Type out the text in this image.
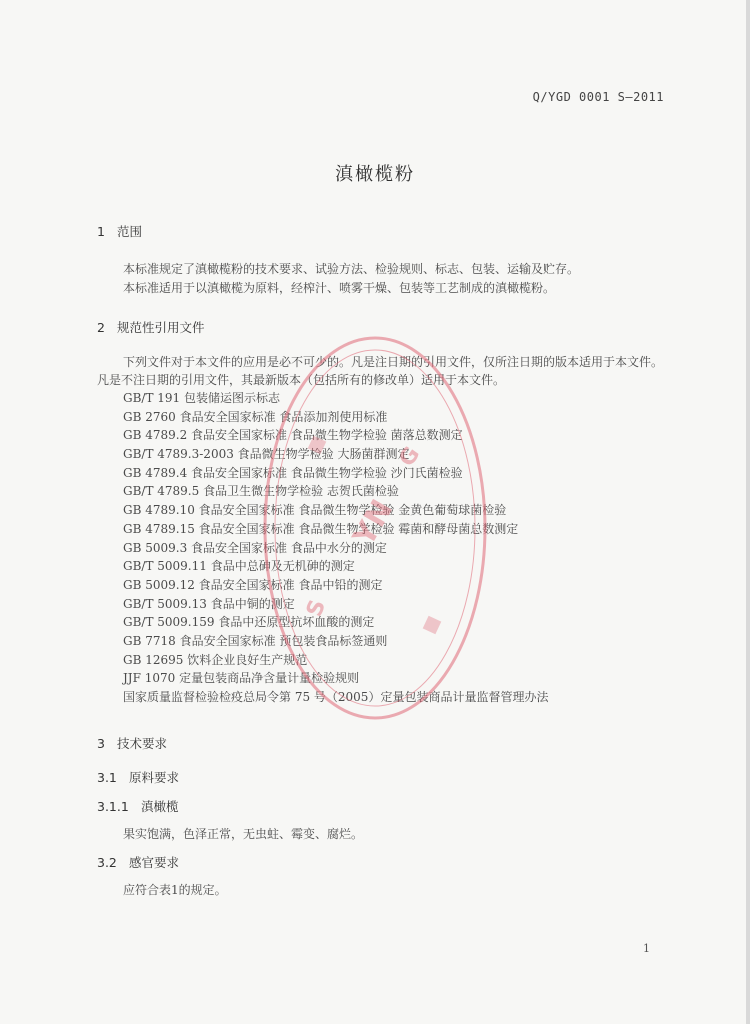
Q/YGD 0001 S—2011
滇橄榄粉
1 范围
本标准规定了滇橄榄粉的技术要求、试验方法、检验规则、标志、包装、运输及贮存。
本标准适用于以滇橄榄为原料，经榨汁、喷雾干燥、包装等工艺制成的滇橄榄粉。
2 规范性引用文件
下列文件对于本文件的应用是必不可少的。凡是注日期的引用文件，仅所注日期的版本适用于本文件。凡是不注日期的引用文件，其最新版本（包括所有的修改单）适用于本文件。
GB/T 191 包装储运图示标志
GB 2760 食品安全国家标准 食品添加剂使用标准
GB 4789.2 食品安全国家标准 食品微生物学检验 菌落总数测定
GB/T 4789.3-2003 食品微生物学检验 大肠菌群测定
GB 4789.4 食品安全国家标准 食品微生物学检验 沙门氏菌检验
GB/T 4789.5 食品卫生微生物学检验 志贺氏菌检验
GB 4789.10 食品安全国家标准 食品微生物学检验 金黄色葡萄球菌检验
GB 4789.15 食品安全国家标准 食品微生物学检验 霉菌和酵母菌总数测定
GB 5009.3 食品安全国家标准 食品中水分的测定
GB/T 5009.11 食品中总砷及无机砷的测定
GB 5009.12 食品安全国家标准 食品中铅的测定
GB/T 5009.13 食品中铜的测定
GB/T 5009.159 食品中还原型抗坏血酸的测定
GB 7718 食品安全国家标准 预包装食品标签通则
GB 12695 饮料企业良好生产规范
JJF 1070 定量包装商品净含量计量检验规则
国家质量监督检验检疫总局令第 75 号（2005）定量包装商品计量监督管理办法
3 技术要求
3.1 原料要求
3.1.1 滇橄榄
果实饱满，色泽正常，无虫蛀、霉变、腐烂。
3.2 感官要求
应符合表1的规定。
1
YN
S
G
